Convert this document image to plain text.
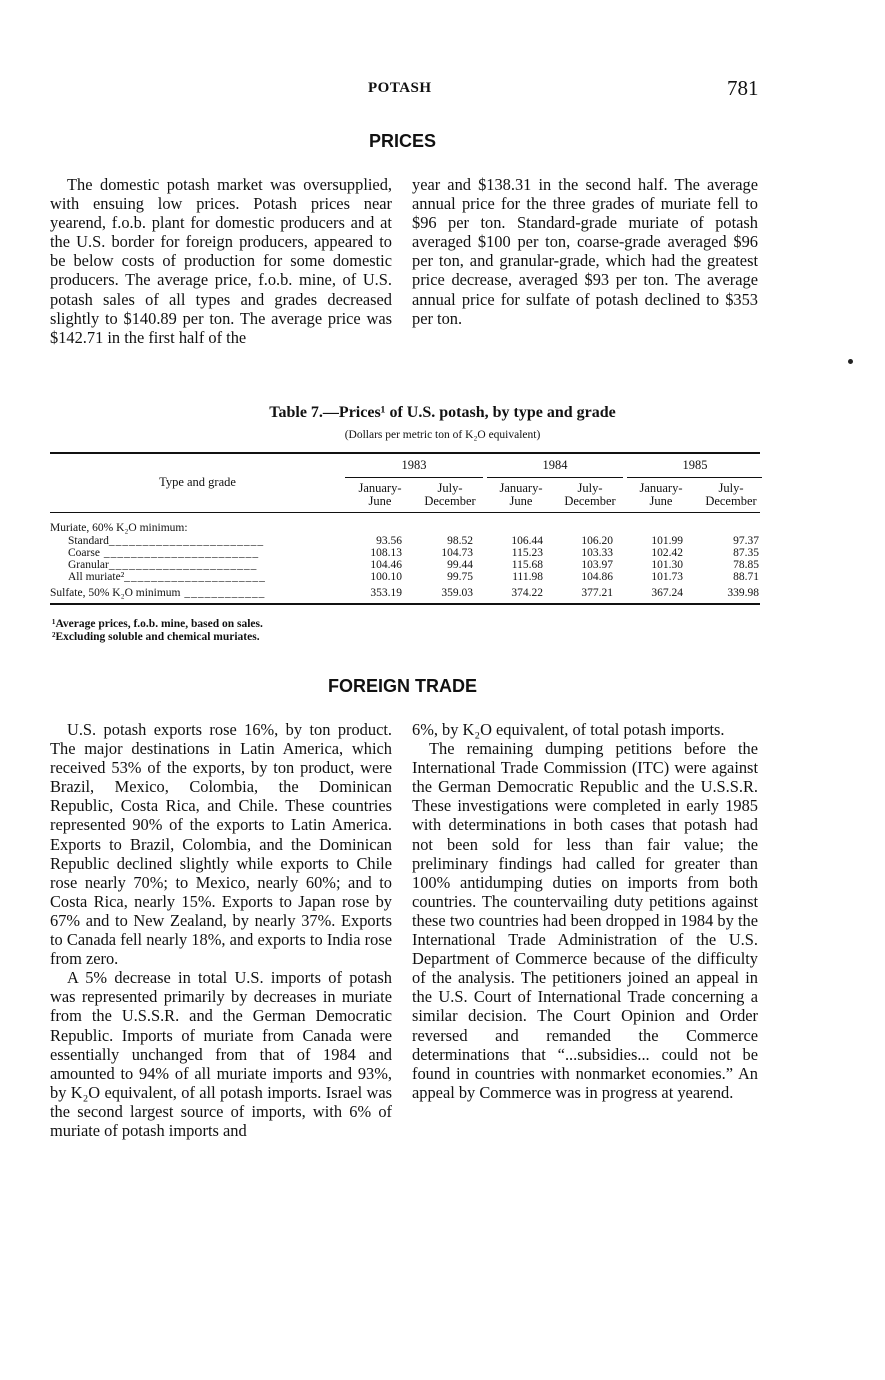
POTASH	781
PRICES

The domestic potash market was oversupplied, with ensuing low prices. Potash prices near yearend, f.o.b. plant for domestic producers and at the U.S. border for foreign producers, appeared to be below costs of production for some domestic producers. The average price, f.o.b. mine, of U.S. potash sales of all types and grades decreased slightly to $140.89 per ton. The average price was $142.71 in the first half of the

year and $138.31 in the second half. The average annual price for the three grades of muriate fell to $96 per ton. Standard-grade muriate of potash averaged $100 per ton, coarse-grade averaged $96 per ton, and granular-grade, which had the greatest price decrease, averaged $93 per ton. The average annual price for sulfate of potash declined to $353 per ton.

Table 7.—Prices¹ of U.S. potash, by type and grade
(Dollars per metric ton of K₂O equivalent)
Type and grade
1983	1984	1985
January-
June
July-
December
January-
June
July-
December
January-
June
July-
December
Muriate, 60% K₂O minimum:
Standard_______________________	93.56	98.52	106.44	106.20	101.99	97.37
Coarse _______________________	108.13	104.73	115.23	103.33	102.42	87.35
Granular______________________	104.46	99.44	115.68	103.97	101.30	78.85
All muriate²_____________________	100.10	99.75	111.98	104.86	101.73	88.71
Sulfate, 50% K₂O minimum ____________	353.19	359.03	374.22	377.21	367.24	339.98
¹Average prices, f.o.b. mine, based on sales.
²Excluding soluble and chemical muriates.
FOREIGN TRADE

U.S. potash exports rose 16%, by ton product. The major destinations in Latin America, which received 53% of the exports, by ton product, were Brazil, Mexico, Colombia, the Dominican Republic, Costa Rica, and Chile. These countries represented 90% of the exports to Latin America. Exports to Brazil, Colombia, and the Dominican Republic declined slightly while exports to Chile rose nearly 70%; to Mexico, nearly 60%; and to Costa Rica, nearly 15%. Exports to Japan rose by 67% and to New Zealand, by nearly 37%. Exports to Canada fell nearly 18%, and exports to India rose from zero.

A 5% decrease in total U.S. imports of potash was represented primarily by decreases in muriate from the U.S.S.R. and the German Democratic Republic. Imports of muriate from Canada were essentially unchanged from that of 1984 and amounted to 94% of all muriate imports and 93%, by K₂O equivalent, of all potash imports. Israel was the second largest source of imports, with 6% of muriate of potash imports and

6%, by K₂O equivalent, of total potash imports.

The remaining dumping petitions before the International Trade Commission (ITC) were against the German Democratic Republic and the U.S.S.R. These investigations were completed in early 1985 with determinations in both cases that potash had not been sold for less than fair value; the preliminary findings had called for greater than 100% antidumping duties on imports from both countries. The countervailing duty petitions against these two countries had been dropped in 1984 by the International Trade Administration of the U.S. Department of Commerce because of the difficulty of the analysis. The petitioners joined an appeal in the U.S. Court of International Trade concerning a similar decision. The Court Opinion and Order reversed and remanded the Commerce determinations that “...subsidies... could not be found in countries with nonmarket economies.” An appeal by Commerce was in progress at yearend.
